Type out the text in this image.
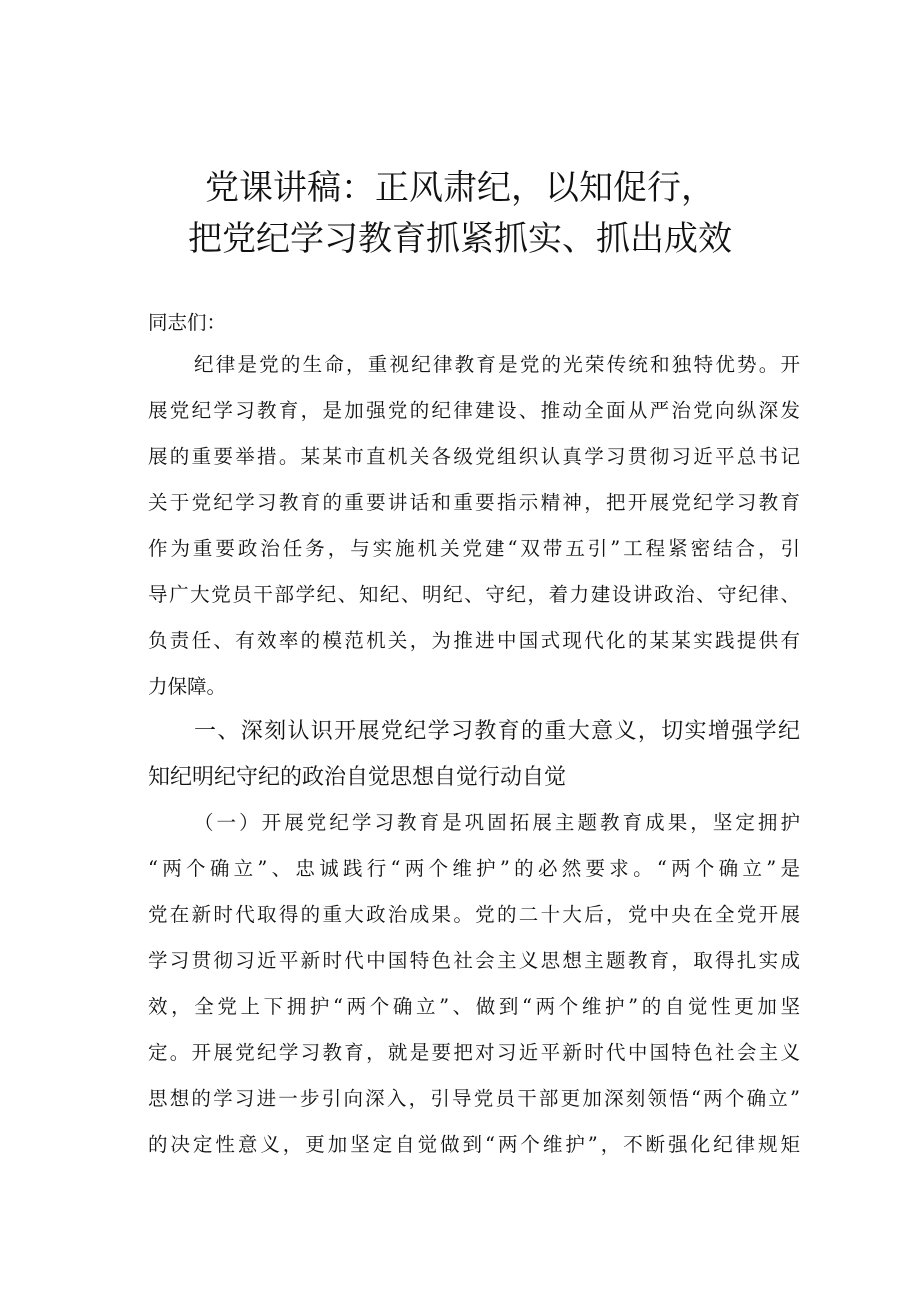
党课讲稿：正风肃纪，以知促行，
把党纪学习教育抓紧抓实、抓出成效

同志们：

纪律是党的生命，重视纪律教育是党的光荣传统和独特优势。开

展党纪学习教育，是加强党的纪律建设、推动全面从严治党向纵深发

展的重要举措。某某市直机关各级党组织认真学习贯彻习近平总书记

关于党纪学习教育的重要讲话和重要指示精神，把开展党纪学习教育

作为重要政治任务，与实施机关党建“双带五引”工程紧密结合，引

导广大党员干部学纪、知纪、明纪、守纪，着力建设讲政治、守纪律、

负责任、有效率的模范机关，为推进中国式现代化的某某实践提供有

力保障。

一、深刻认识开展党纪学习教育的重大意义，切实增强学纪

知纪明纪守纪的政治自觉思想自觉行动自觉

（一）开展党纪学习教育是巩固拓展主题教育成果，坚定拥护

“两个确立”、忠诚践行“两个维护”的必然要求。“两个确立”是

党在新时代取得的重大政治成果。党的二十大后，党中央在全党开展

学习贯彻习近平新时代中国特色社会主义思想主题教育，取得扎实成

效，全党上下拥护“两个确立”、做到“两个维护”的自觉性更加坚

定。开展党纪学习教育，就是要把对习近平新时代中国特色社会主义

思想的学习进一步引向深入，引导党员干部更加深刻领悟“两个确立”

的决定性意义，更加坚定自觉做到“两个维护”，不断强化纪律规矩
